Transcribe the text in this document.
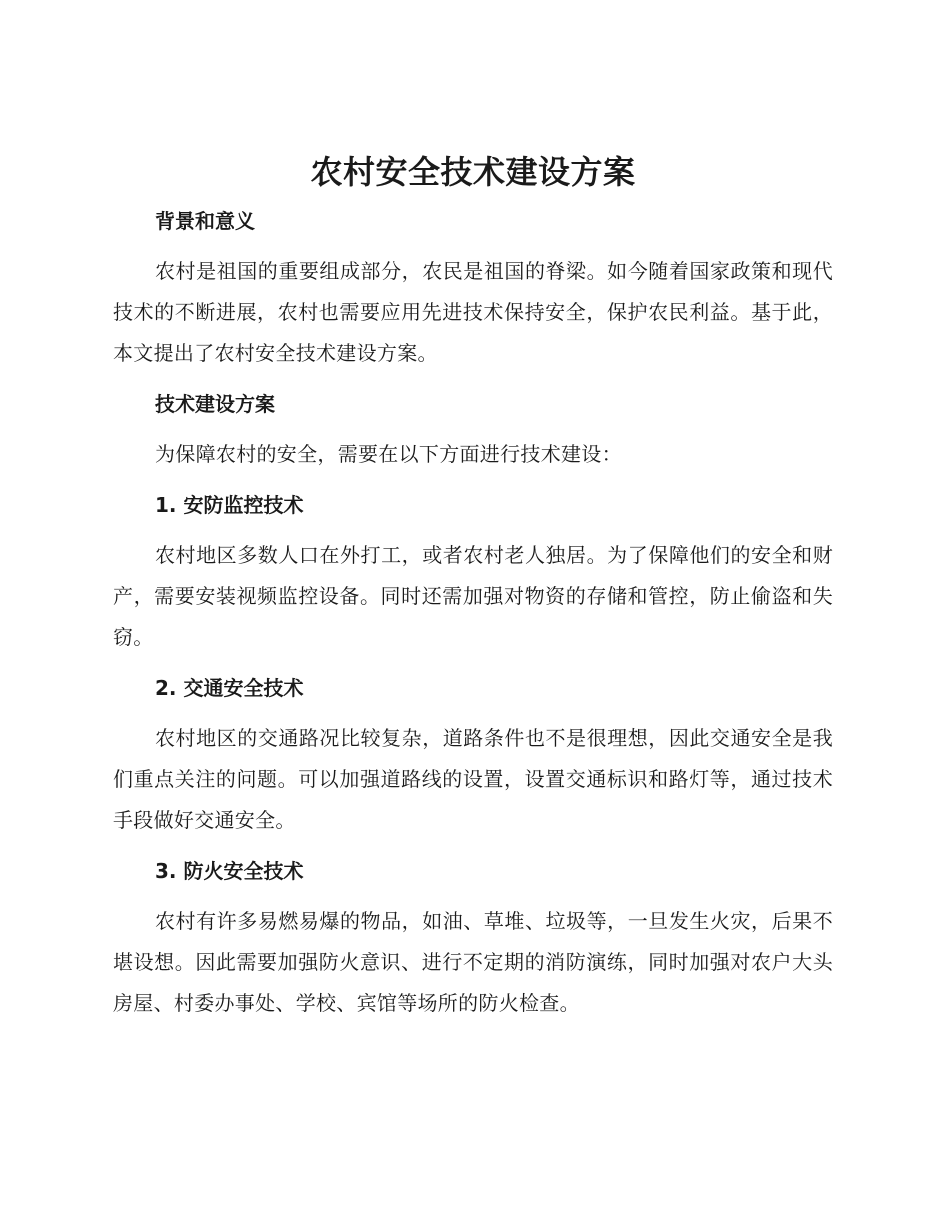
农村安全技术建设方案
背景和意义

农村是祖国的重要组成部分，农民是祖国的脊梁。如今随着国家政策和现代技术的不断进展，农村也需要应用先进技术保持安全，保护农民利益。基于此，本文提出了农村安全技术建设方案。

技术建设方案

为保障农村的安全，需要在以下方面进行技术建设：

1. 安防监控技术

农村地区多数人口在外打工，或者农村老人独居。为了保障他们的安全和财产，需要安装视频监控设备。同时还需加强对物资的存储和管控，防止偷盗和失窃。

2. 交通安全技术

农村地区的交通路况比较复杂，道路条件也不是很理想，因此交通安全是我们重点关注的问题。可以加强道路线的设置，设置交通标识和路灯等，通过技术手段做好交通安全。

3. 防火安全技术

农村有许多易燃易爆的物品，如油、草堆、垃圾等，一旦发生火灾，后果不堪设想。因此需要加强防火意识、进行不定期的消防演练，同时加强对农户大头房屋、村委办事处、学校、宾馆等场所的防火检查。
